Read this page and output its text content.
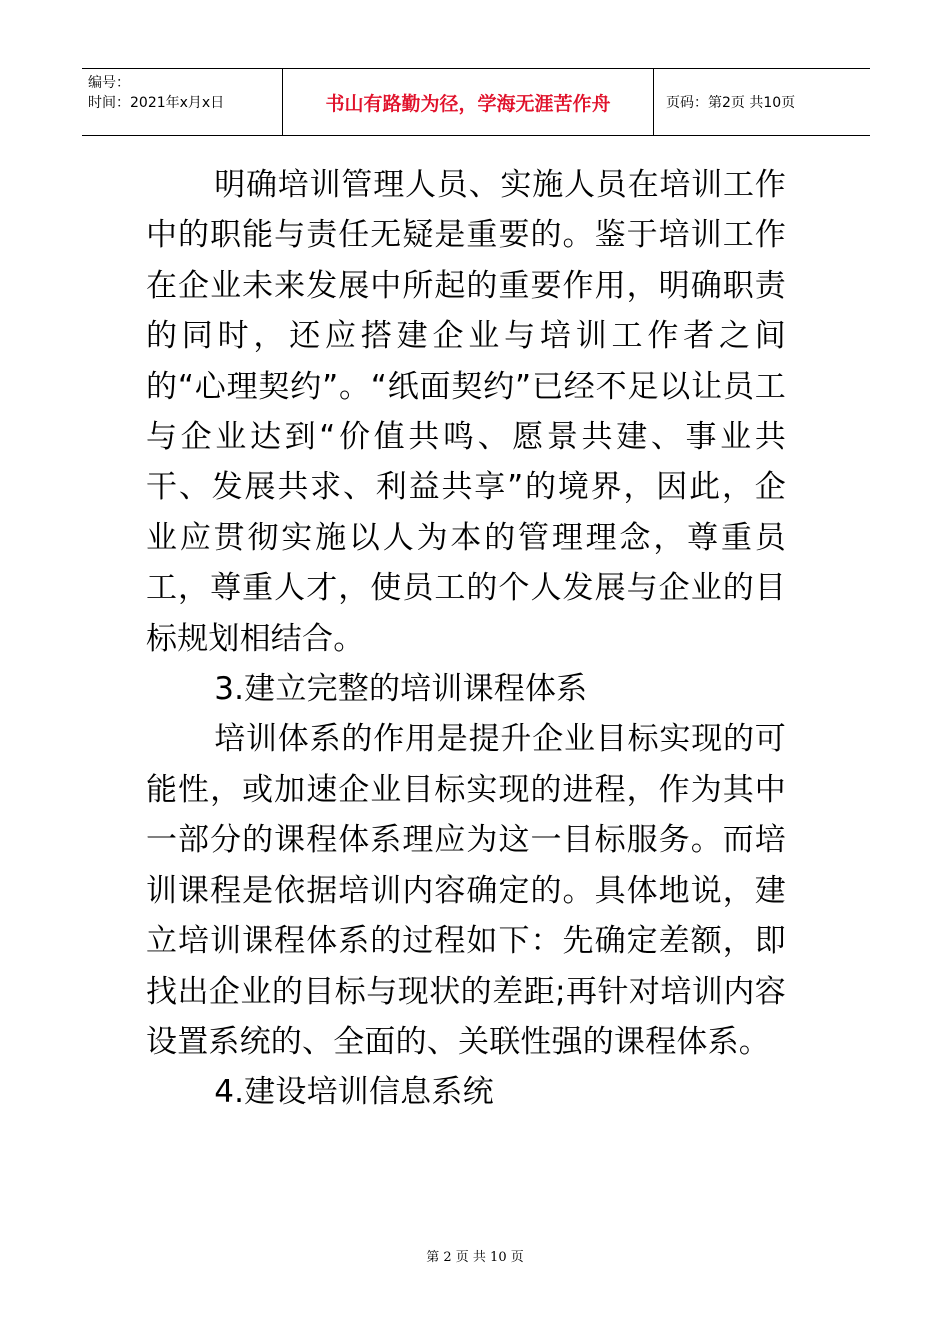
编号：
时间：2021年x月x日	书山有路勤为径，学海无涯苦作舟	页码：第2页 共10页

明确培训管理人员、实施人员在培训工作中的职能与责任无疑是重要的。鉴于培训工作在企业未来发展中所起的重要作用，明确职责的同时，还应搭建企业与培训工作者之间的“心理契约”。“纸面契约”已经不足以让员工与企业达到“价值共鸣、愿景共建、事业共干、发展共求、利益共享”的境界，因此，企业应贯彻实施以人为本的管理理念，尊重员工，尊重人才，使员工的个人发展与企业的目标规划相结合。

3.建立完整的培训课程体系

培训体系的作用是提升企业目标实现的可能性，或加速企业目标实现的进程，作为其中一部分的课程体系理应为这一目标服务。而培训课程是依据培训内容确定的。具体地说，建立培训课程体系的过程如下：先确定差额，即找出企业的目标与现状的差距;再针对培训内容设置系统的、全面的、关联性强的课程体系。

4.建设培训信息系统

第 2 页 共 10 页
